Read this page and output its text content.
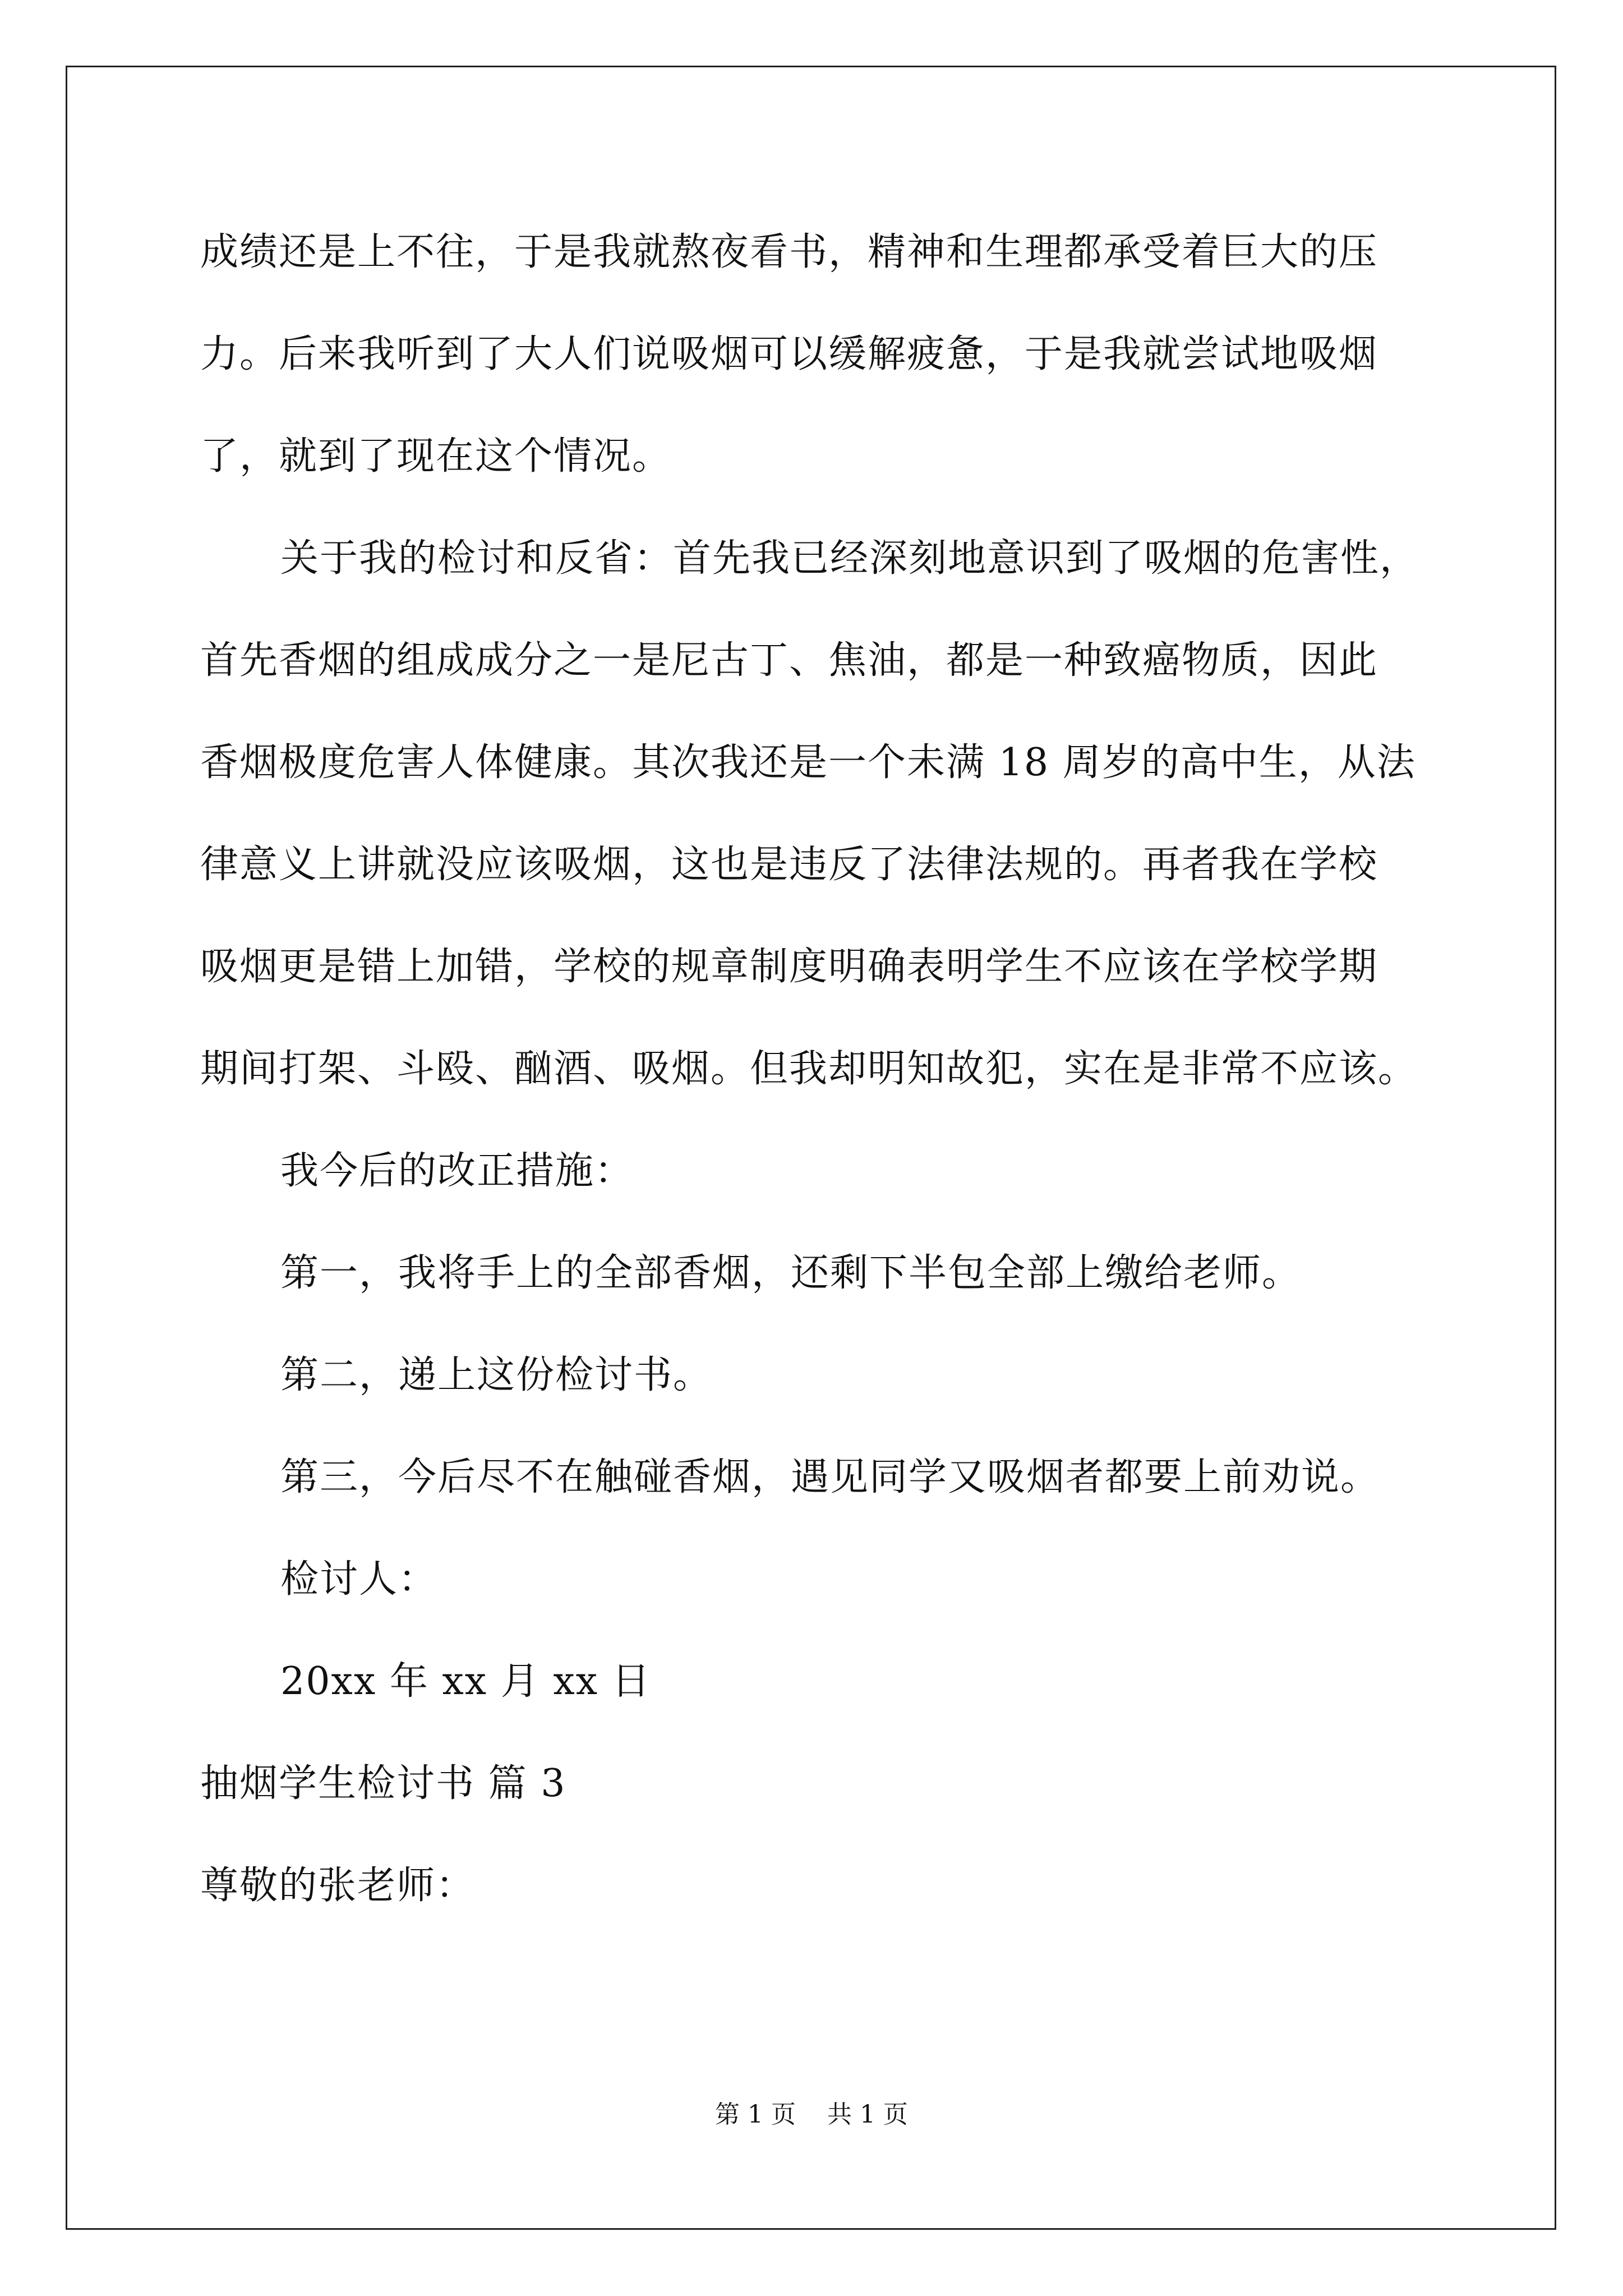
成绩还是上不往，于是我就熬夜看书，精神和生理都承受着巨大的压
力。后来我听到了大人们说吸烟可以缓解疲惫，于是我就尝试地吸烟
了，就到了现在这个情况。
关于我的检讨和反省：首先我已经深刻地意识到了吸烟的危害性，
首先香烟的组成成分之一是尼古丁、焦油，都是一种致癌物质，因此
香烟极度危害人体健康。其次我还是一个未满 18 周岁的高中生，从法
律意义上讲就没应该吸烟，这也是违反了法律法规的。再者我在学校
吸烟更是错上加错，学校的规章制度明确表明学生不应该在学校学期
期间打架、斗殴、酗酒、吸烟。但我却明知故犯，实在是非常不应该。
我今后的改正措施：
第一，我将手上的全部香烟，还剩下半包全部上缴给老师。
第二，递上这份检讨书。
第三，今后尽不在触碰香烟，遇见同学又吸烟者都要上前劝说。
检讨人：
20xx 年 xx 月 xx 日
抽烟学生检讨书 篇 3
尊敬的张老师：
第 1 页    共 1 页
